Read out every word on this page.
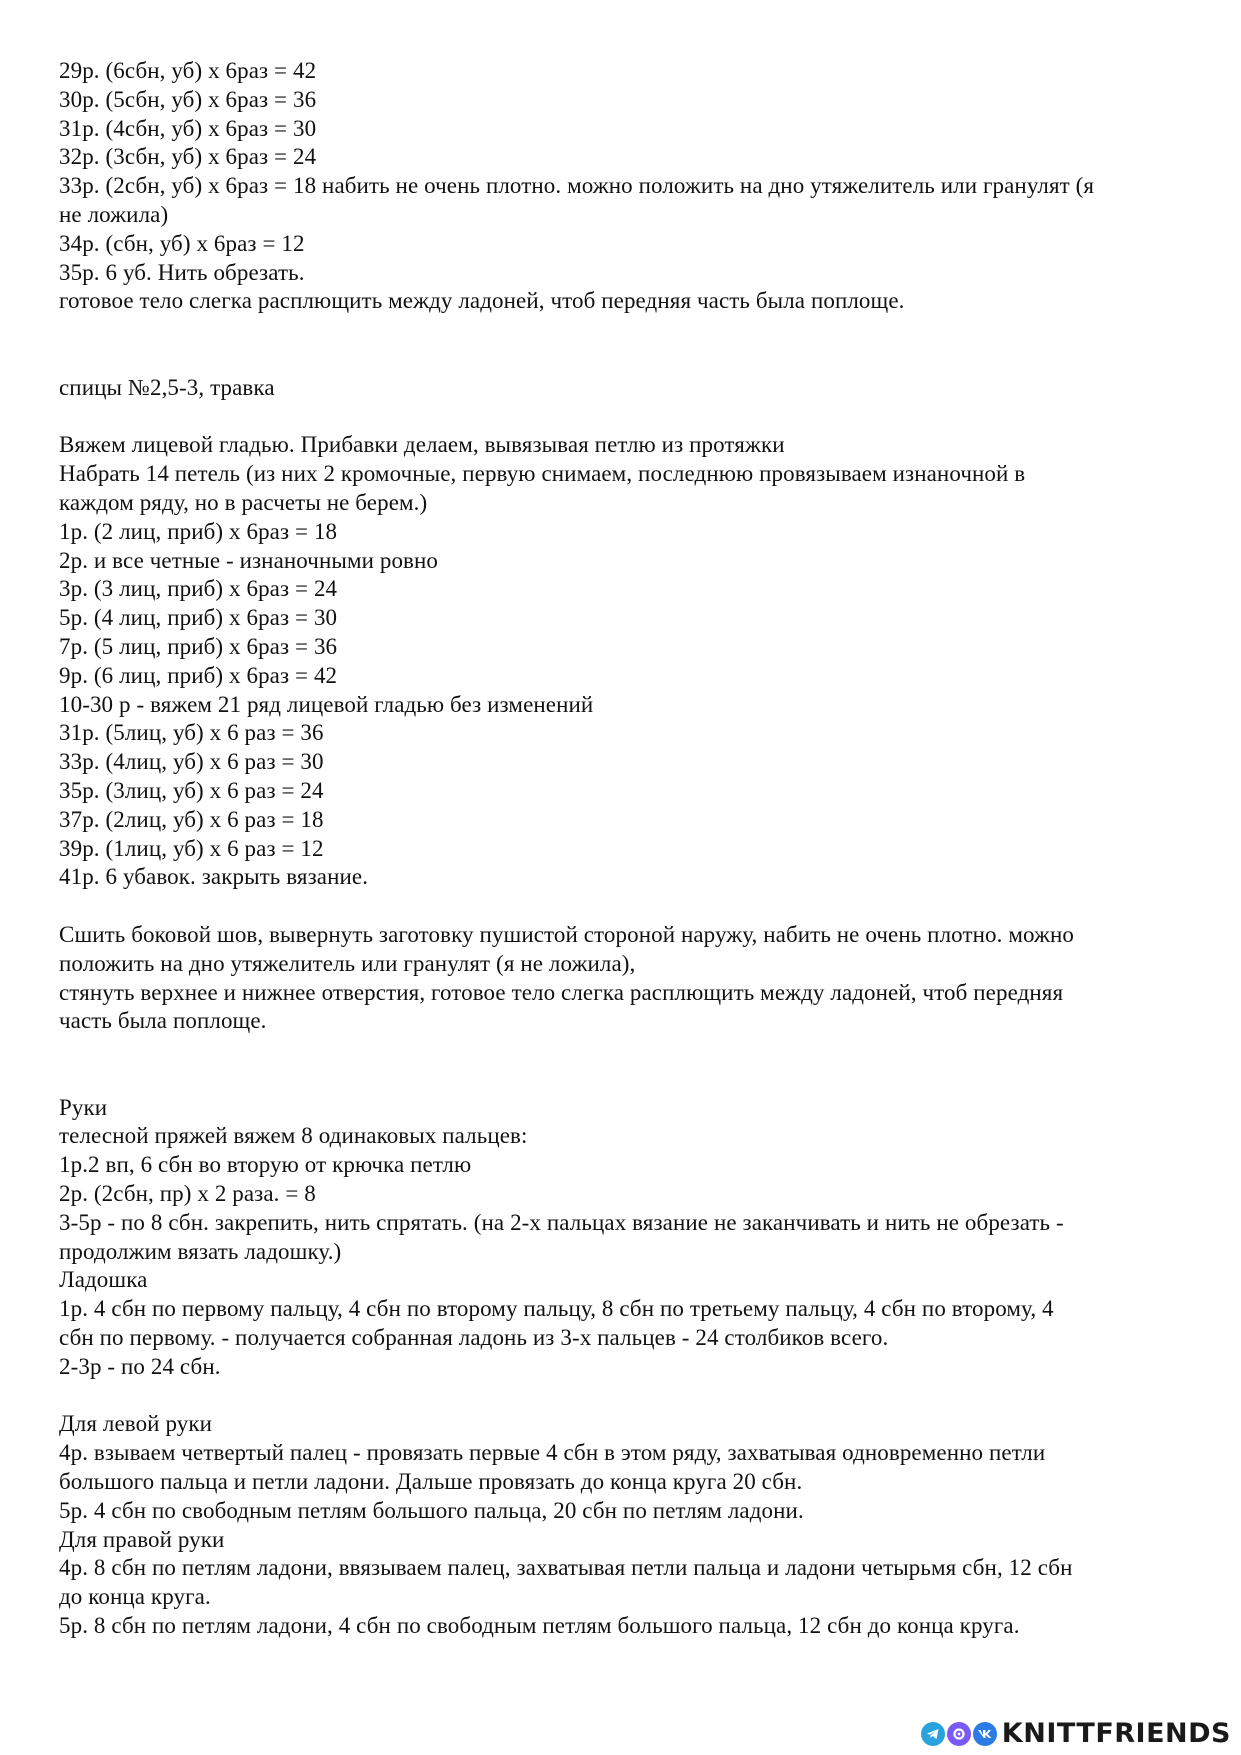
29р. (6сбн, уб) х 6раз = 42
30р. (5сбн, уб) х 6раз = 36
31р. (4сбн, уб) х 6раз = 30
32р. (3сбн, уб) х 6раз = 24
33р. (2сбн, уб) х 6раз = 18 набить не очень плотно. можно положить на дно утяжелитель или гранулят (я
не ложила)
34р. (сбн, уб) х 6раз = 12
35р. 6 уб. Нить обрезать.
готовое тело слегка расплющить между ладоней, чтоб передняя часть была поплоще.
спицы №2,5-3, травка
Вяжем лицевой гладью. Прибавки делаем, вывязывая петлю из протяжки
Набрать 14 петель (из них 2 кромочные, первую снимаем, последнюю провязываем изнаночной в
каждом ряду, но в расчеты не берем.)
1р. (2 лиц, приб) х 6раз = 18
2р. и все четные - изнаночными ровно
3р. (3 лиц, приб) х 6раз = 24
5р. (4 лиц, приб) х 6раз = 30
7р. (5 лиц, приб) х 6раз = 36
9р. (6 лиц, приб) х 6раз = 42
10-30 р - вяжем 21 ряд лицевой гладью без изменений
31р. (5лиц, уб) х 6 раз = 36
33р. (4лиц, уб) х 6 раз = 30
35р. (3лиц, уб) х 6 раз = 24
37р. (2лиц, уб) х 6 раз = 18
39р. (1лиц, уб) х 6 раз = 12
41р. 6 убавок. закрыть вязание.
Сшить боковой шов, вывернуть заготовку пушистой стороной наружу, набить не очень плотно. можно
положить на дно утяжелитель или гранулят (я не ложила),
стянуть верхнее и нижнее отверстия, готовое тело слегка расплющить между ладоней, чтоб передняя
часть была поплоще.
Руки
телесной пряжей вяжем 8 одинаковых пальцев:
1р.2 вп, 6 сбн во вторую от крючка петлю
2р. (2сбн, пр) х 2 раза. = 8
3-5р - по 8 сбн. закрепить, нить спрятать. (на 2-х пальцах вязание не заканчивать и нить не обрезать -
продолжим вязать ладошку.)
Ладошка
1р. 4 сбн по первому пальцу, 4 сбн по второму пальцу, 8 сбн по третьему пальцу, 4 сбн по второму, 4
сбн по первому. - получается собранная ладонь из 3-х пальцев - 24 столбиков всего.
2-3р - по 24 сбн.
Для левой руки
4р. взываем четвертый палец - провязать первые 4 сбн в этом ряду, захватывая одновременно петли
большого пальца и петли ладони. Дальше провязать до конца круга 20 сбн.
5р. 4 сбн по свободным петлям большого пальца, 20 сбн по петлям ладони.
Для правой руки
4р. 8 сбн по петлям ладони, ввязываем палец, захватывая петли пальца и ладони четырьмя сбн, 12 сбн
до конца круга.
5р. 8 сбн по петлям ладони, 4 сбн по свободным петлям большого пальца, 12 сбн до конца круга.
KNITTFRIENDS
